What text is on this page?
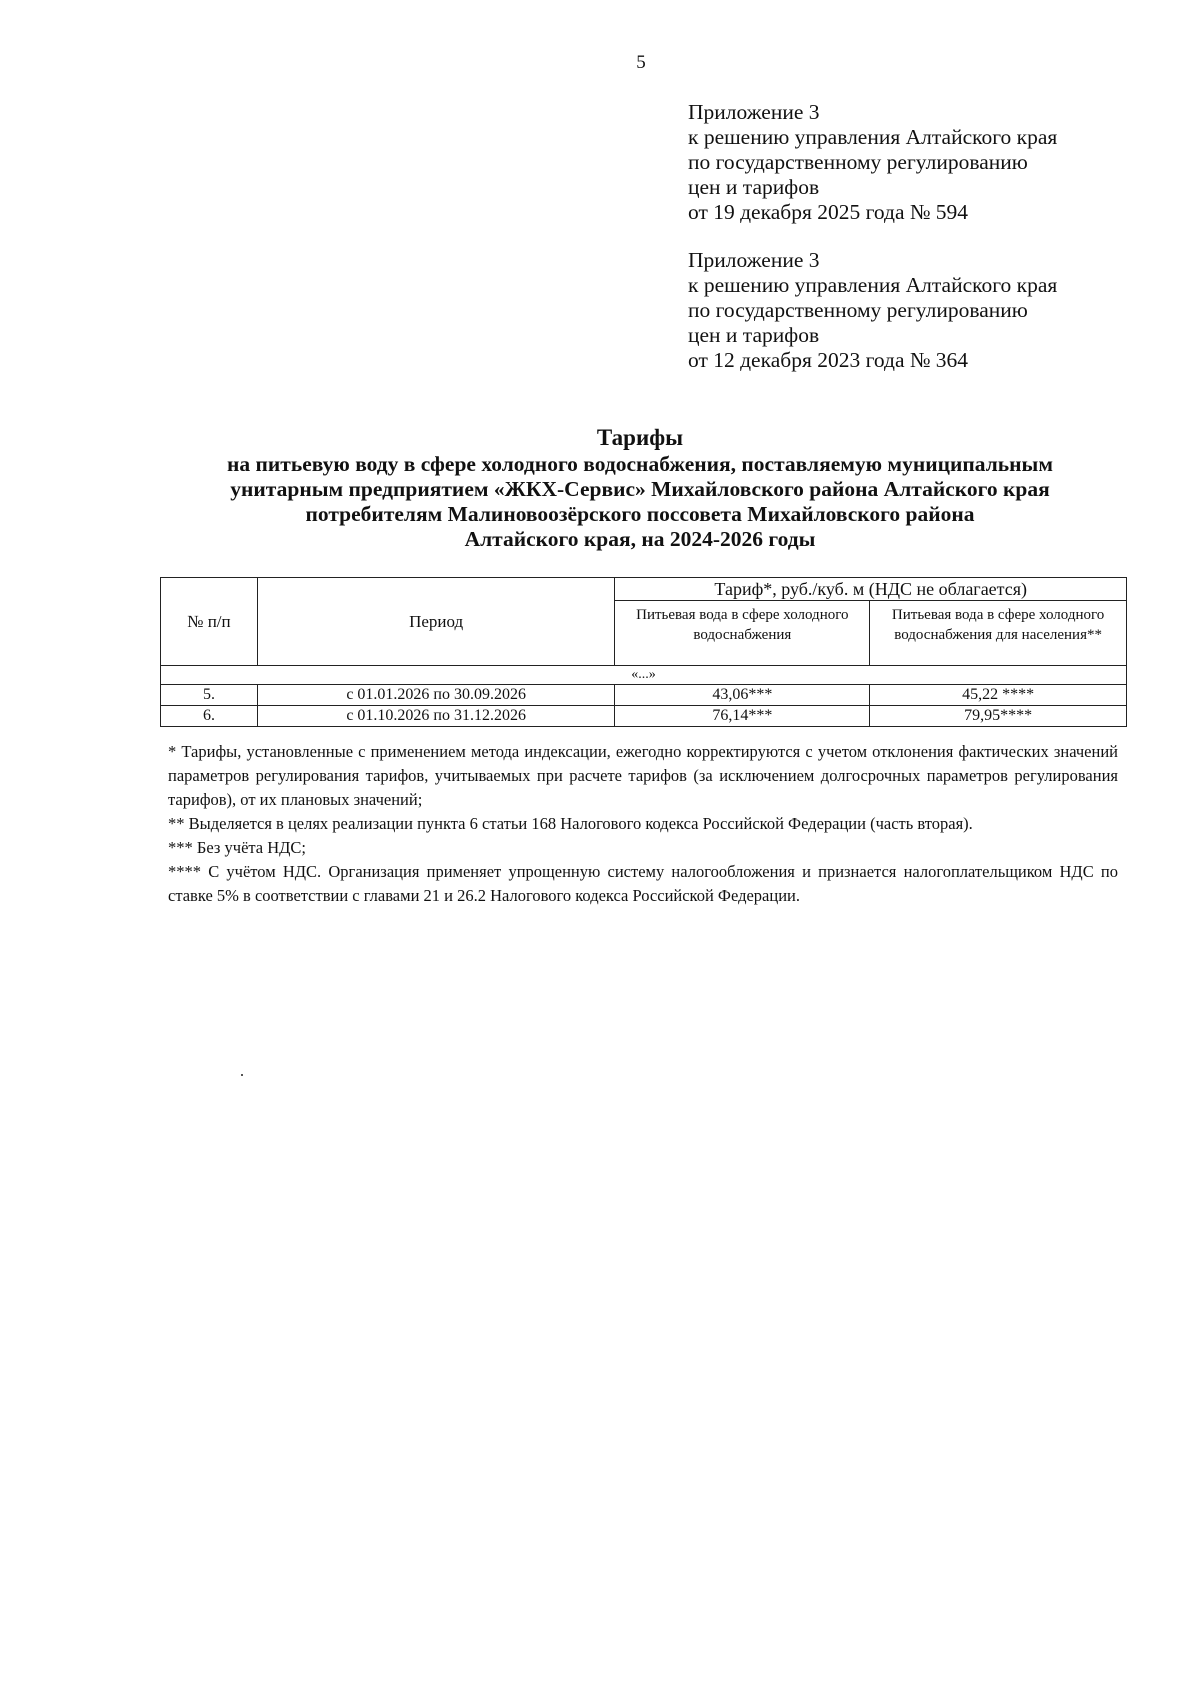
5
Приложение 3
к решению управления Алтайского края
по государственному регулированию
цен и тарифов
от 19 декабря 2025 года № 594
Приложение 3
к решению управления Алтайского края
по государственному регулированию
цен и тарифов
от 12 декабря 2023 года № 364
Тарифы
на питьевую воду в сфере холодного водоснабжения, поставляемую муниципальным
унитарным предприятием «ЖКХ-Сервис» Михайловского района Алтайского края
потребителям Малиновоозёрского поссовета Михайловского района
Алтайского края, на 2024-2026 годы
№ п/п	Период	Тариф*, руб./куб. м (НДС не облагается)	
		Питьевая вода в сфере холодного водоснабжения	Питьевая вода в сфере холодного водоснабжения для населения**
«...»			
5.	с 01.01.2026 по 30.09.2026	43,06***	45,22 ****
6.	с 01.10.2026 по 31.12.2026	76,14***	79,95****

* Тарифы, установленные с применением метода индексации, ежегодно корректируются с учетом отклонения фактических значений параметров регулирования тарифов, учитываемых при расчете тарифов (за исключением долгосрочных параметров регулирования тарифов), от их плановых значений;

** Выделяется в целях реализации пункта 6 статьи 168 Налогового кодекса Российской Федерации (часть вторая).

*** Без учёта НДС;

**** С учётом НДС. Организация применяет упрощенную систему налогообложения и признается налогоплательщиком НДС по ставке 5% в соответствии с главами 21 и 26.2 Налогового кодекса Российской Федерации.
